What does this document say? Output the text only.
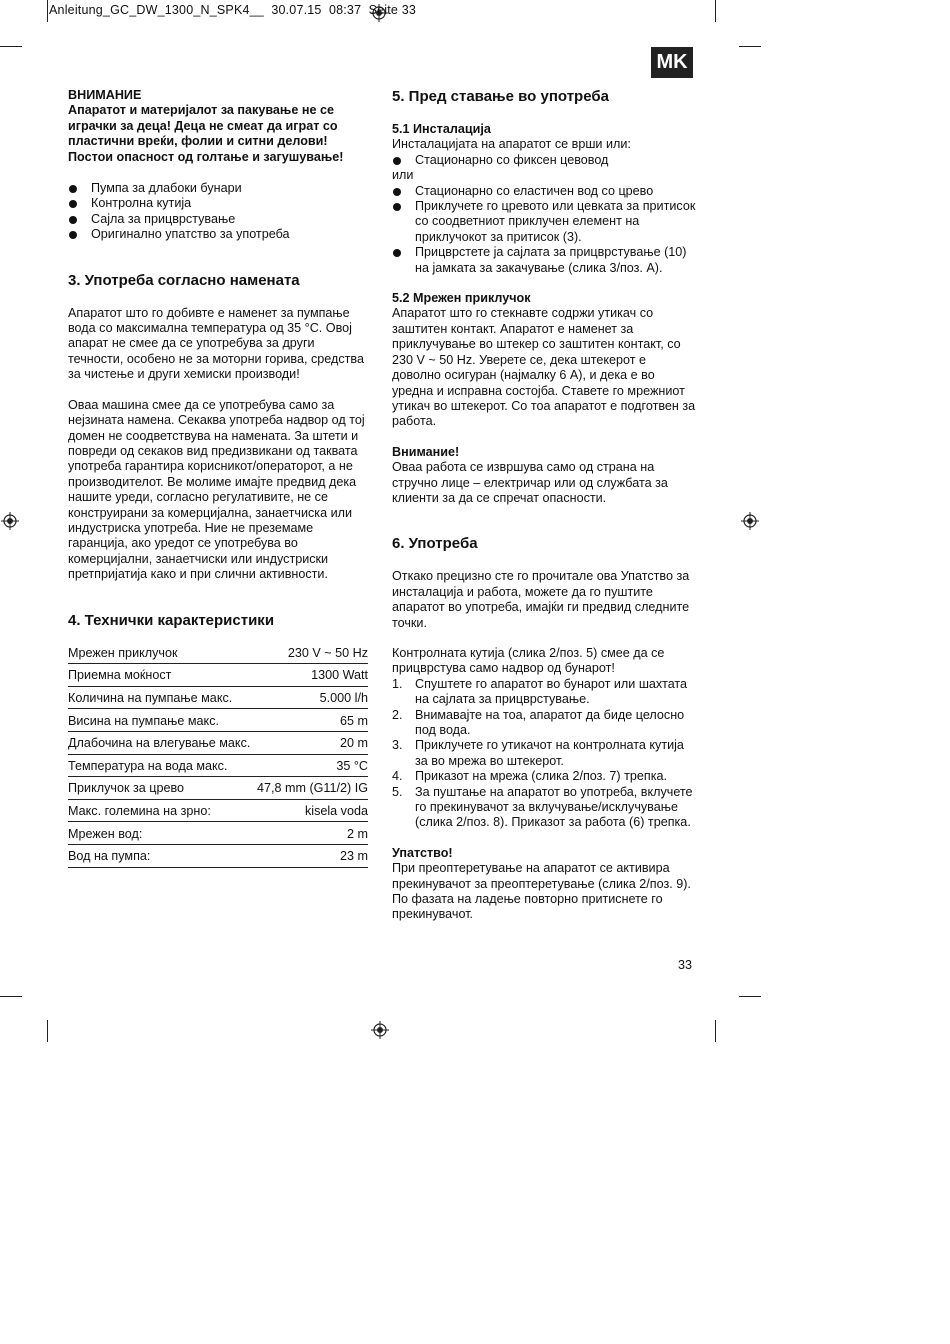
Anleitung_GC_DW_1300_N_SPK4__ 30.07.15 08:37 Seite 33
MK

ВНИМАНИЕ

Апаратот и материјалот за пакување не се играчки за деца! Деца не смеат да играт со пластични вреќи, фолии и ситни делови! Постои опасност од голтање и загушување!

Пумпа за длабоки бунари
Контролна кутија
Сајла за прицврстување
Оригинално упатство за употреба
3. Употреба согласно намената

Апаратот што го добивте е наменет за пумпање вода со максимална температура од 35 °C. Овој апарат не смее да се употребува за други течности, особено не за моторни горива, средства за чистење и други хемиски производи!

Оваа машина смее да се употребува само за нејзината намена. Секаква употреба надвор од тој домен не соодветствува на намената. За штети и повреди од секаков вид предизвикани од таквата употреба гарантира корисникот/операторот, а не производителот. Ве молиме имајте предвид дека нашите уреди, согласно регулативите, не се конструирани за комерцијална, занаетчиска или индустриска употреба. Ние не преземаме гаранција, ако уредот се употребува во комерцијални, занаетчиски или индустриски претпријатија како и при слични активности.

4. Технички карактеристики
Мрежен приклучок	230 V ~ 50 Hz
Приемна моќност	1300 Watt
Количина на пумпање макс.	5.000 l/h
Висина на пумпање макс.	65 m
Длабочина на влегување макс.	20 m
Температура на вода макс.	35 °C
Приклучок за црево	47,8 mm (G11/2) IG
Макс. големина на зрно:	kisela voda
Мрежен вод:	2 m
Вод на пумпа:	23 m
5. Пред ставање во употреба
5.1 Инсталација

Инсталацијата на апаратот се врши или:

Стационарно со фиксен цевовод

или

Стационарно со еластичен вод со црево
Приклучете го цревото или цевката за притисок со соодветниот приклучен елемент на приклучокот за притисок (3).
Прицврстете ја сајлата за прицврстување (10) на јамката за закачување (слика 3/поз. А).
5.2 Мрежен приклучок

Апаратот што го стекнавте содржи утикач со заштитен контакт. Апаратот е наменет за приклучување во штекер со заштитен контакт, со 230 V ~ 50 Hz. Уверете се, дека штекерот е доволно осигуран (најмалку 6 A), и дека е во уредна и исправна состојба. Ставете го мрежниот утикач во штекерот. Со тоа апаратот е подготвен за работа.

Внимание!

Оваа работа се извршува само од страна на стручно лице – електричар или од службата за клиенти за да се спречат опасности.

6. Употреба

Откако прецизно сте го прочитале ова Упатство за инсталација и работа, можете да го пуштите апаратот во употреба, имајќи ги предвид следните точки.

Контролната кутија (слика 2/поз. 5) смее да се прицврстува само надвор од бунарот!

1. Спуштете го апаратот во бунарот или шахтата на сајлата за прицврстување.
2. Внимавајте на тоа, апаратот да биде целосно под вода.
3. Приклучете го утикачот на контролната кутија за во мрежа во штекерот.
4. Приказот на мрежа (слика 2/поз. 7) трепка.
5. За пуштање на апаратот во употреба, вклучете го прекинувачот за вклучување/исклучување (слика 2/поз. 8). Приказот за работа (6) трепка.
Упатство!

При преоптеретување на апаратот се активира прекинувачот за преоптеретување (слика 2/поз. 9). По фазата на ладење повторно притиснете го прекинувачот.

33
